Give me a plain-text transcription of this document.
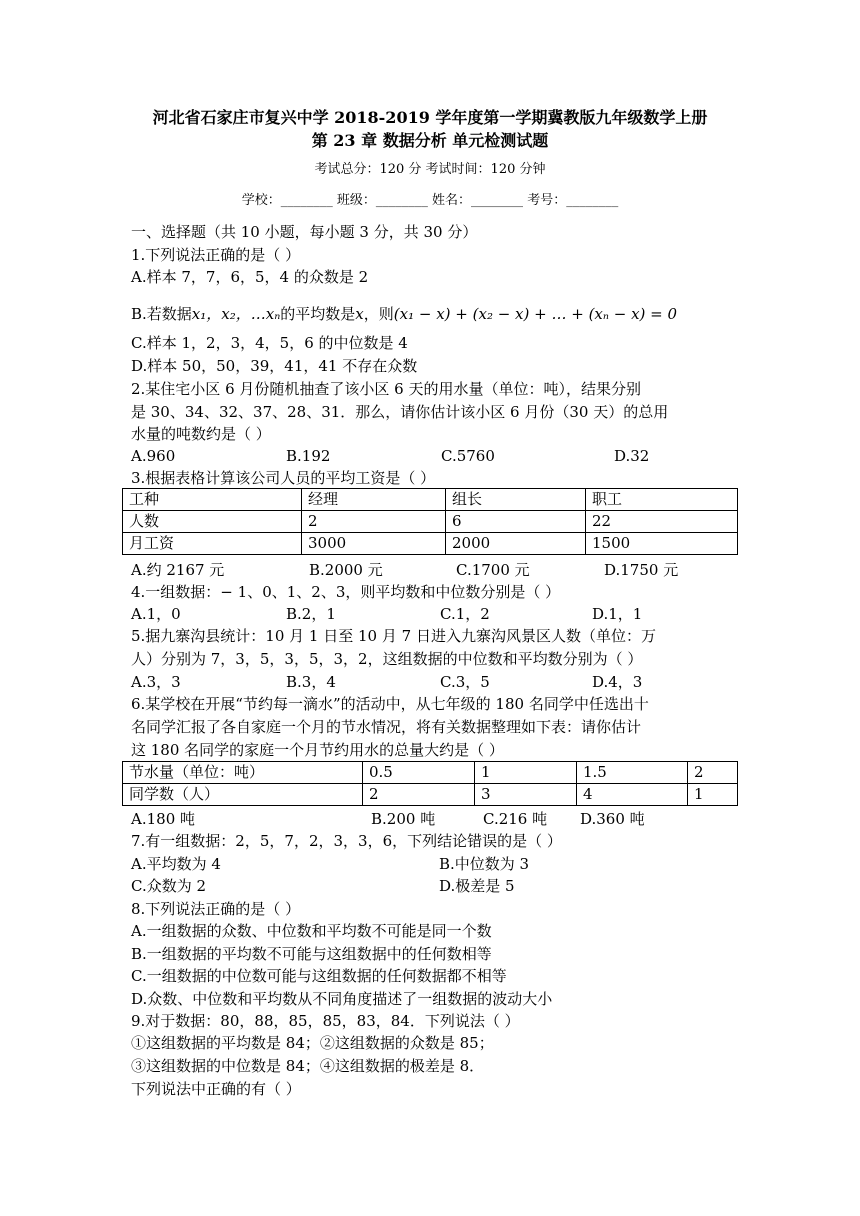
河北省石家庄市复兴中学 2018-2019 学年度第一学期冀教版九年级数学上册
第 23 章 数据分析 单元检测试题
考试总分：120 分 考试时间：120 分钟
学校：________ 班级：________ 姓名：________ 考号：________
一、选择题（共 10 小题，每小题 3 分，共 30 分）
1.下列说法正确的是（ ）
A.样本 7，7，6，5，4 的众数是 2
B.若数据𝑥₁，𝑥₂，…𝑥ₙ的平均数是𝑥，则(𝑥₁ − 𝑥) + (𝑥₂ − 𝑥) + … + (𝑥ₙ − 𝑥) = 0
C.样本 1，2，3，4，5，6 的中位数是 4
D.样本 50，50，39，41，41 不存在众数
2.某住宅小区 6 月份随机抽查了该小区 6 天的用水量（单位：吨），结果分别
是 30、34、32、37、28、31．那么，请你估计该小区 6 月份（30 天）的总用
水量的吨数约是（ ）
A.960	B.192	C.5760	D.32
3.根据表格计算该公司人员的平均工资是（ ）
工种	经理	组长	职工
人数	2	6	22
月工资	3000	2000	1500
A.约 2167 元	B.2000 元	C.1700 元	D.1750 元
4.一组数据：− 1、0、1、2、3，则平均数和中位数分别是（ ）
A.1，0	B.2，1	C.1，2	D.1，1
5.据九寨沟县统计：10 月 1 日至 10 月 7 日进入九寨沟风景区人数（单位：万
人）分别为 7，3，5，3，5，3，2，这组数据的中位数和平均数分别为（ ）
A.3，3	B.3，4	C.3，5	D.4，3
6.某学校在开展“节约每一滴水”的活动中，从七年级的 180 名同学中任选出十
名同学汇报了各自家庭一个月的节水情况，将有关数据整理如下表：请你估计
这 180 名同学的家庭一个月节约用水的总量大约是（ ）
节水量（单位：吨）	0.5	1	1.5	2
同学数（人）	2	3	4	1
A.180 吨	B.200 吨	C.216 吨 D.360 吨
7.有一组数据：2，5，7，2，3，3，6，下列结论错误的是（ ）
A.平均数为 4	B.中位数为 3
C.众数为 2	D.极差是 5
8.下列说法正确的是（ ）
A.一组数据的众数、中位数和平均数不可能是同一个数
B.一组数据的平均数不可能与这组数据中的任何数相等
C.一组数据的中位数可能与这组数据的任何数据都不相等
D.众数、中位数和平均数从不同角度描述了一组数据的波动大小
9.对于数据：80，88，85，85，83，84．下列说法（ ）
①这组数据的平均数是 84；②这组数据的众数是 85；
③这组数据的中位数是 84；④这组数据的极差是 8．
下列说法中正确的有（ ）
